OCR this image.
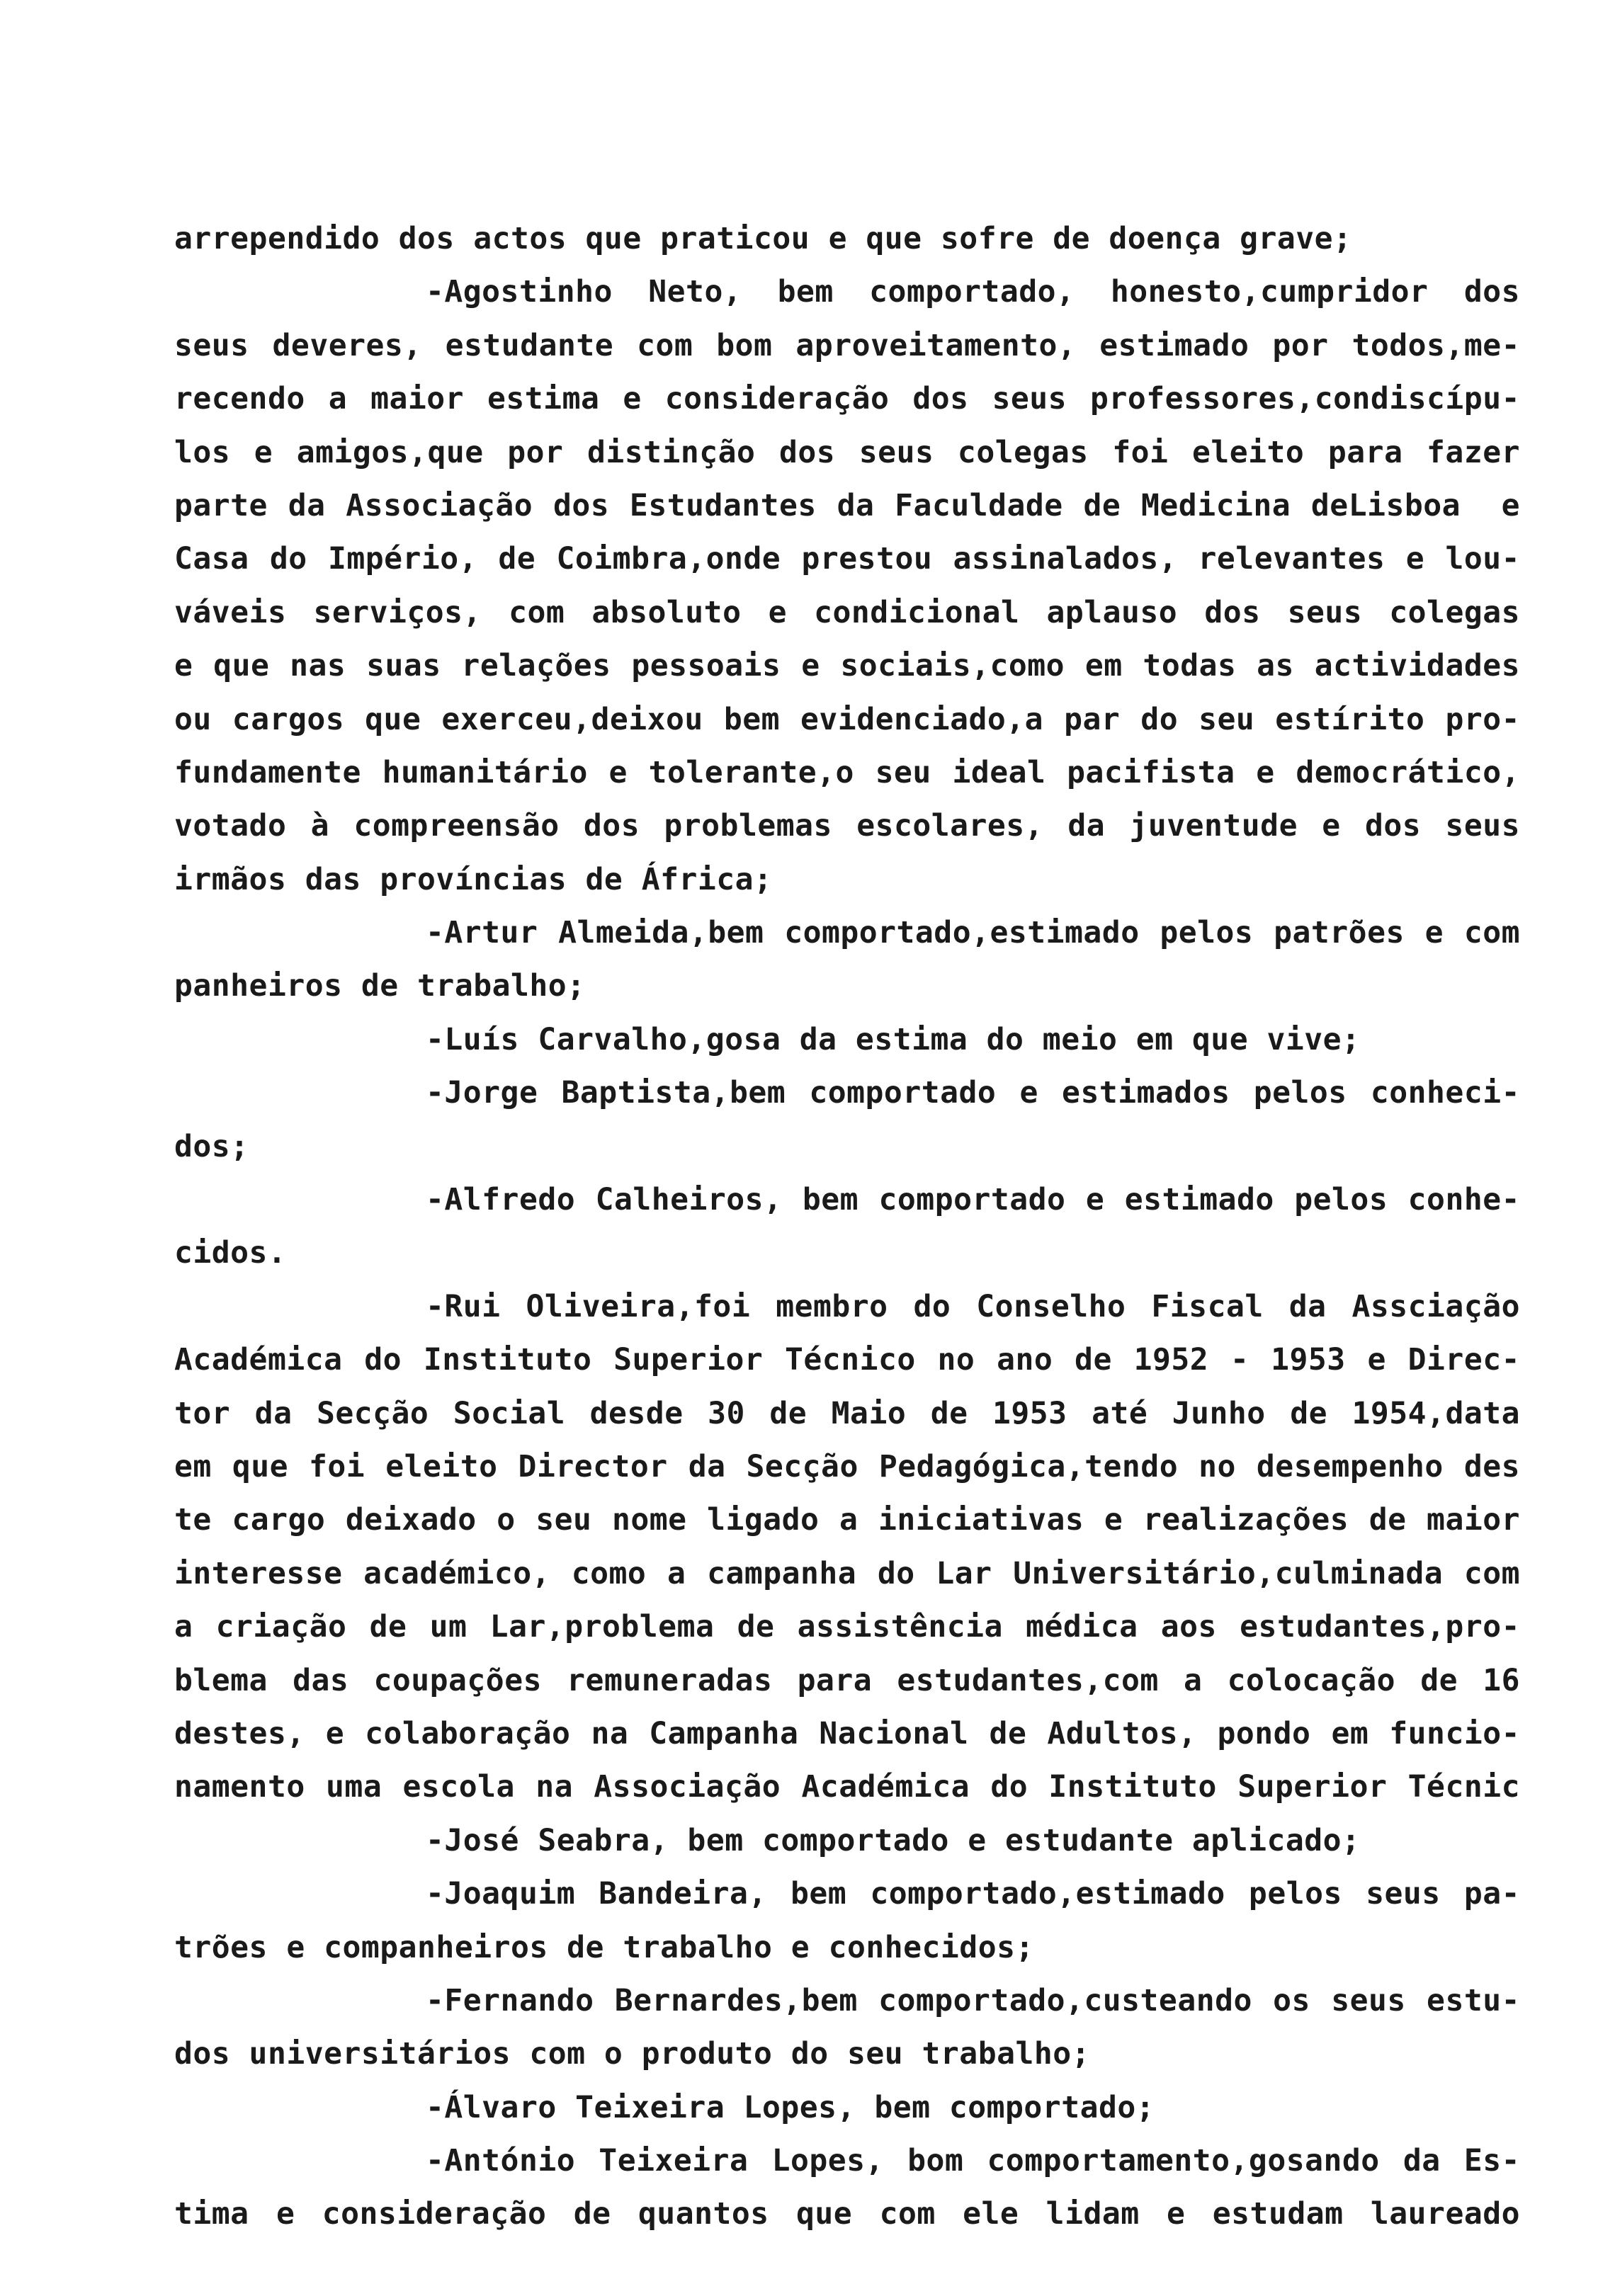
arrependido dos actos que praticou e que sofre de doença grave;
-Agostinho Neto, bem comportado, honesto,cumpridor dos
seus deveres, estudante com bom aproveitamento, estimado por todos,me-
recendo a maior estima e consideração dos seus professores,condiscípu-
los e amigos,que por distinção dos seus colegas foi eleito para fazer
parte da Associação dos Estudantes da Faculdade de Medicina deLisboa  e
Casa do Império, de Coimbra,onde prestou assinalados, relevantes e lou-
váveis serviços, com absoluto e condicional aplauso dos seus colegas
e que nas suas relações pessoais e sociais,como em todas as actividades
ou cargos que exerceu,deixou bem evidenciado,a par do seu estírito pro-
fundamente humanitário e tolerante,o seu ideal pacifista e democrático,
votado à compreensão dos problemas escolares, da juventude e dos seus
irmãos das províncias de África;
-Artur Almeida,bem comportado,estimado pelos patrões e com
panheiros de trabalho;
-Luís Carvalho,gosa da estima do meio em que vive;
-Jorge Baptista,bem comportado e estimados pelos conheci-
dos;
-Alfredo Calheiros, bem comportado e estimado pelos conhe-
cidos.
-Rui Oliveira,foi membro do Conselho Fiscal da Assciação
Académica do Instituto Superior Técnico no ano de 1952 - 1953 e Direc-
tor da Secção Social desde 30 de Maio de 1953 até Junho de 1954,data
em que foi eleito Director da Secção Pedagógica,tendo no desempenho des
te cargo deixado o seu nome ligado a iniciativas e realizações de maior
interesse académico, como a campanha do Lar Universitário,culminada com
a criação de um Lar,problema de assistência médica aos estudantes,pro-
blema das coupações remuneradas para estudantes,com a colocação de 16
destes, e colaboração na Campanha Nacional de Adultos, pondo em funcio-
namento uma escola na Associação Académica do Instituto Superior Técnic
-José Seabra, bem comportado e estudante aplicado;
-Joaquim Bandeira, bem comportado,estimado pelos seus pa-
trões e companheiros de trabalho e conhecidos;
-Fernando Bernardes,bem comportado,custeando os seus estu-
dos universitários com o produto do seu trabalho;
-Álvaro Teixeira Lopes, bem comportado;
-António Teixeira Lopes, bom comportamento,gosando da Es-
tima e consideração de quantos que com ele lidam e estudam laureado
